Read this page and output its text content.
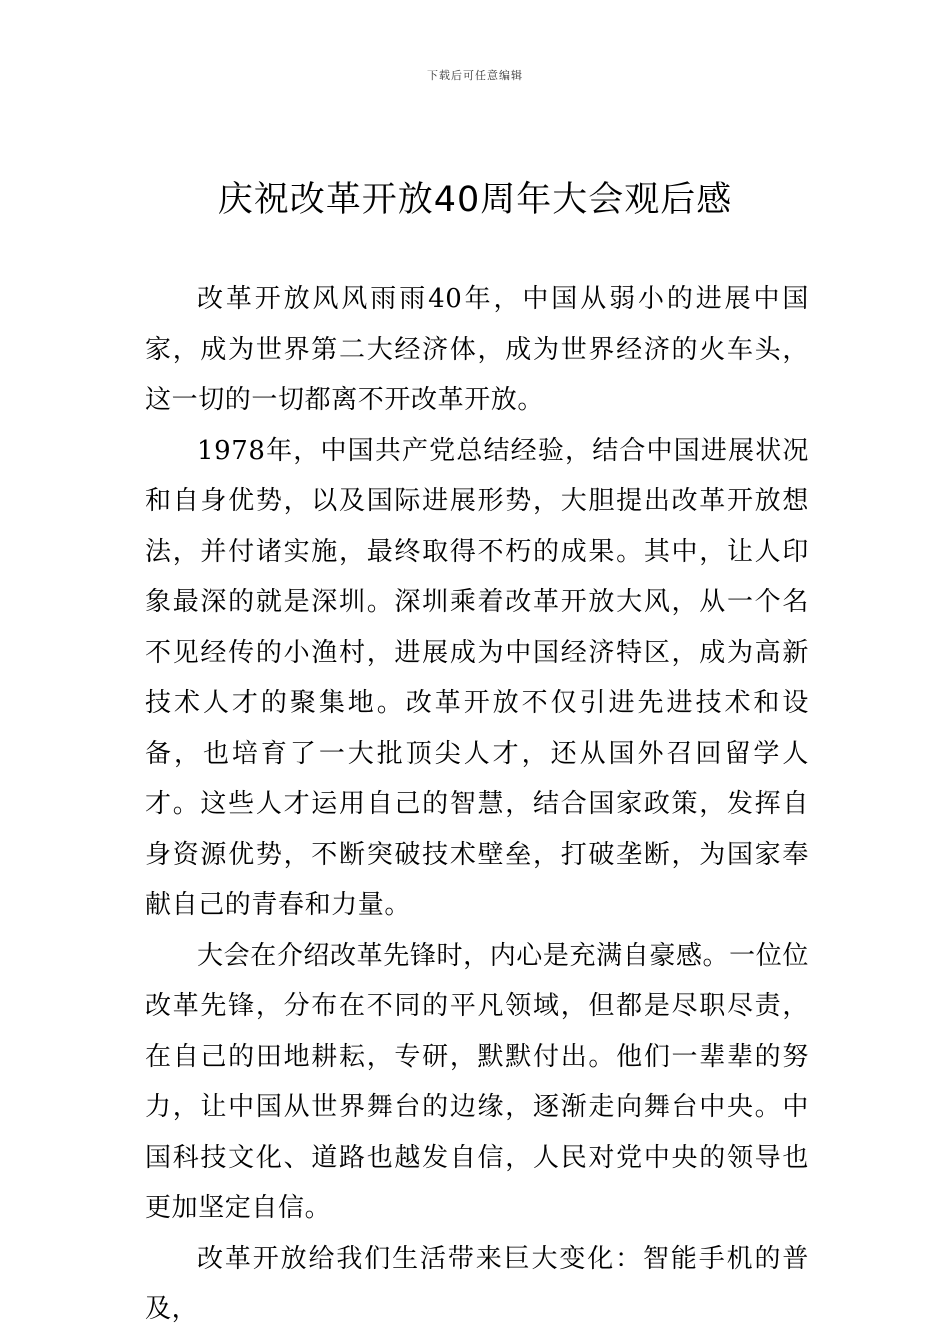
下载后可任意编辑
庆祝改革开放40周年大会观后感

改革开放风风雨雨40年，中国从弱小的进展中国家，成为世界第二大经济体，成为世界经济的火车头，这一切的一切都离不开改革开放。

1978年，中国共产党总结经验，结合中国进展状况和自身优势，以及国际进展形势，大胆提出改革开放想法，并付诸实施，最终取得不朽的成果。其中，让人印象最深的就是深圳。深圳乘着改革开放大风，从一个名不见经传的小渔村，进展成为中国经济特区，成为高新技术人才的聚集地。改革开放不仅引进先进技术和设备，也培育了一大批顶尖人才，还从国外召回留学人才。这些人才运用自己的智慧，结合国家政策，发挥自身资源优势，不断突破技术壁垒，打破垄断，为国家奉献自己的青春和力量。

大会在介绍改革先锋时，内心是充满自豪感。一位位改革先锋，分布在不同的平凡领域，但都是尽职尽责，在自己的田地耕耘，专研，默默付出。他们一辈辈的努力，让中国从世界舞台的边缘，逐渐走向舞台中央。中国科技文化、道路也越发自信，人民对党中央的领导也更加坚定自信。

改革开放给我们生活带来巨大变化：智能手机的普及，
